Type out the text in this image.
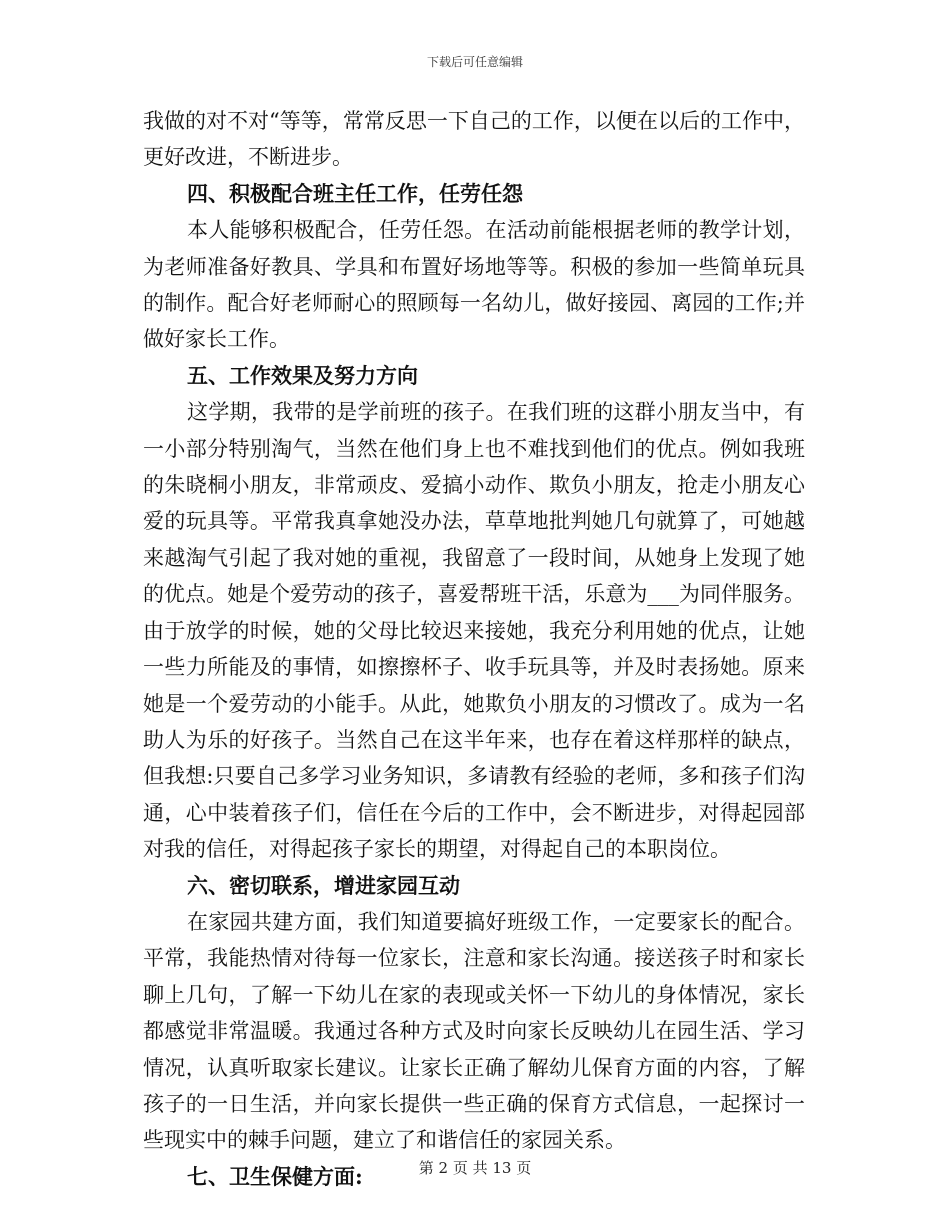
下载后可任意编辑

我做的对不对“等等，常常反思一下自己的工作，以便在以后的工作中，更好改进，不断进步。

四、积极配合班主任工作，任劳任怨

本人能够积极配合，任劳任怨。在活动前能根据老师的教学计划，为老师准备好教具、学具和布置好场地等等。积极的参加一些简单玩具的制作。配合好老师耐心的照顾每一名幼儿，做好接园、离园的工作;并做好家长工作。

五、工作效果及努力方向

这学期，我带的是学前班的孩子。在我们班的这群小朋友当中，有一小部分特别淘气，当然在他们身上也不难找到他们的优点。例如我班的朱晓桐小朋友，非常顽皮、爱搞小动作、欺负小朋友，抢走小朋友心爱的玩具等。平常我真拿她没办法，草草地批判她几句就算了，可她越来越淘气引起了我对她的重视，我留意了一段时间，从她身上发现了她的优点。她是个爱劳动的孩子，喜爱帮班干活，乐意为___为同伴服务。由于放学的时候，她的父母比较迟来接她，我充分利用她的优点，让她一些力所能及的事情，如擦擦杯子、收手玩具等，并及时表扬她。原来她是一个爱劳动的小能手。从此，她欺负小朋友的习惯改了。成为一名助人为乐的好孩子。当然自己在这半年来，也存在着这样那样的缺点，但我想:只要自己多学习业务知识，多请教有经验的老师，多和孩子们沟通，心中装着孩子们，信任在今后的工作中，会不断进步，对得起园部对我的信任，对得起孩子家长的期望，对得起自己的本职岗位。

六、密切联系，增进家园互动

在家园共建方面，我们知道要搞好班级工作，一定要家长的配合。平常，我能热情对待每一位家长，注意和家长沟通。接送孩子时和家长聊上几句，了解一下幼儿在家的表现或关怀一下幼儿的身体情况，家长都感觉非常温暖。我通过各种方式及时向家长反映幼儿在园生活、学习情况，认真听取家长建议。让家长正确了解幼儿保育方面的内容，了解孩子的一日生活，并向家长提供一些正确的保育方式信息，一起探讨一些现实中的棘手问题，建立了和谐信任的家园关系。

七、卫生保健方面:	第 2 页 共 13 页
